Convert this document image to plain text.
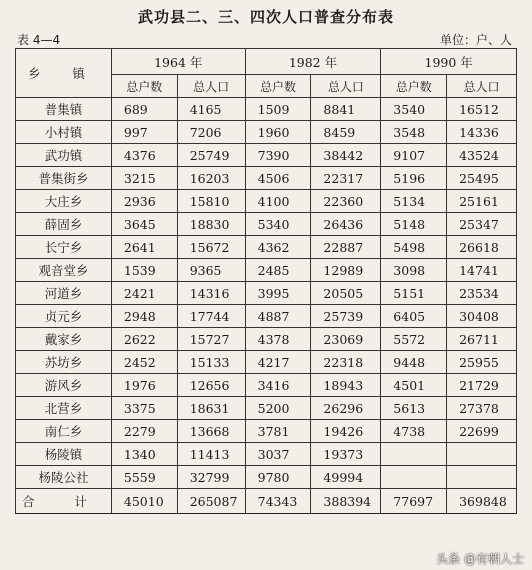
武功县二、三、四次人口普查分布表
表 4—4	单位：户、人
乡 镇	1964 年		1982 年		1990 年	
	总户数	总人口	总户数	总人口	总户数	总人口
普集镇	689	4165	1509	8841	3540	16512
小村镇	997	7206	1960	8459	3548	14336
武功镇	4376	25749	7390	38442	9107	43524
普集街乡	3215	16203	4506	22317	5196	25495
大庄乡	2936	15810	4100	22360	5134	25161
薛固乡	3645	18830	5340	26436	5148	25347
长宁乡	2641	15672	4362	22887	5498	26618
观音堂乡	1539	9365	2485	12989	3098	14741
河道乡	2421	14316	3995	20505	5151	23534
贞元乡	2948	17744	4887	25739	6405	30408
戴家乡	2622	15727	4378	23069	5572	26711
苏坊乡	2452	15133	4217	22318	9448	25955
游风乡	1976	12656	3416	18943	4501	21729
北营乡	3375	18631	5200	26296	5613	27378
南仁乡	2279	13668	3781	19426	4738	22699
杨陵镇	1340	11413	3037	19373		
杨陵公社	5559	32799	9780	49994		
合 计	45010	265087	74343	388394	77697	369848
头条 @有朝人士
